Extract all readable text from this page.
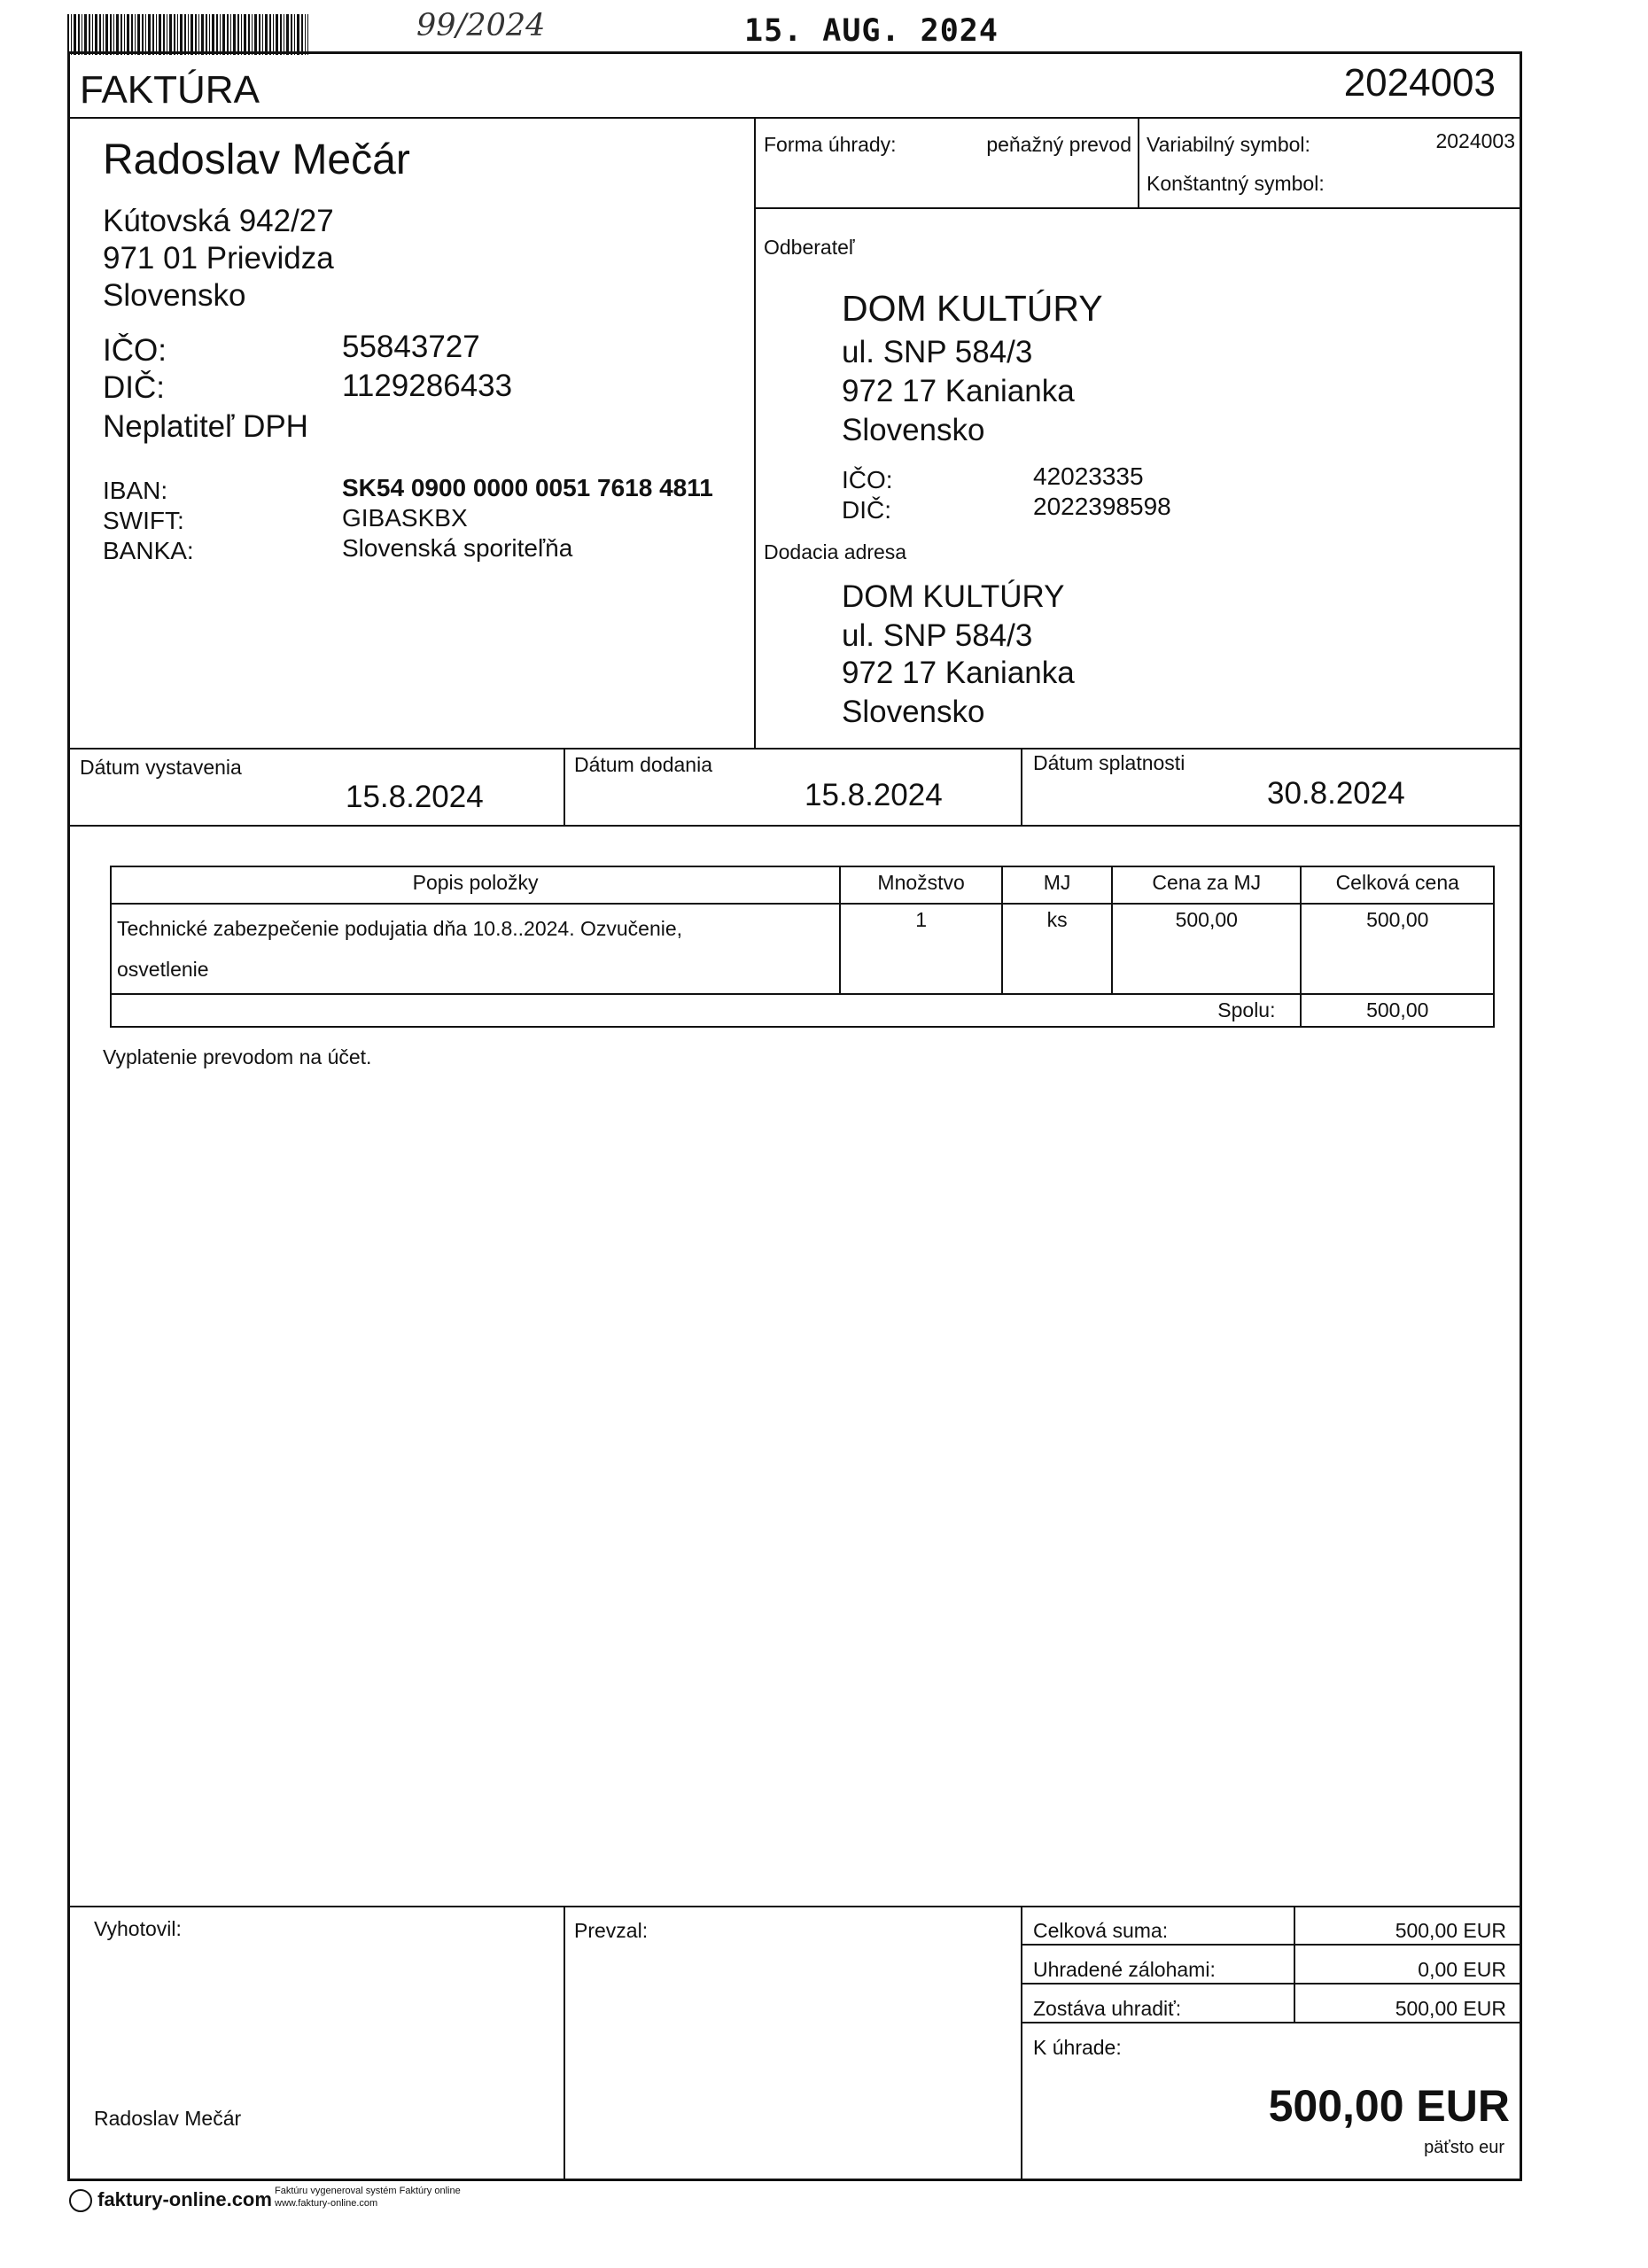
99/2024	15. AUG. 2024
FAKTÚRA	2024003
Radoslav Mečár
Kútovská 942/27
971 01 Prievidza
Slovensko
IČO:	55843727
DIČ:	1129286433
Neplatiteľ DPH
IBAN:	SK54 0900 0000 0051 7618 4811
SWIFT:	GIBASKBX
BANKA:	Slovenská sporiteľňa
Forma úhrady:	peňažný prevod Variabilný symbol:	2024003
Konštantný symbol:
Odberateľ
DOM KULTÚRY
ul. SNP 584/3
972 17 Kanianka
Slovensko
IČO:	42023335
DIČ:	2022398598
Dodacia adresa
DOM KULTÚRY
ul. SNP 584/3
972 17 Kanianka
Slovensko
Dátum vystavenia
15.8.2024
Dátum dodania
15.8.2024
Dátum splatnosti
30.8.2024
Popis položky	Množstvo	MJ	Cena za MJ	Celková cena
Technické zabezpečenie podujatia dňa 10.8..2024. Ozvučenie,
osvetlenie	1	ks	500,00	500,00
Spolu:				500,00
Vyplatenie prevodom na účet.
Vyhotovil:
Radoslav Mečár
Prevzal:	Celková suma:	500,00 EUR
Uhradené zálohami:	0,00 EUR
Zostáva uhradiť:	500,00 EUR
K úhrade:
500,00 EUR
päťsto eur
faktury-online.com Faktúru vygeneroval systém Faktúry online
www.faktury-online.com
